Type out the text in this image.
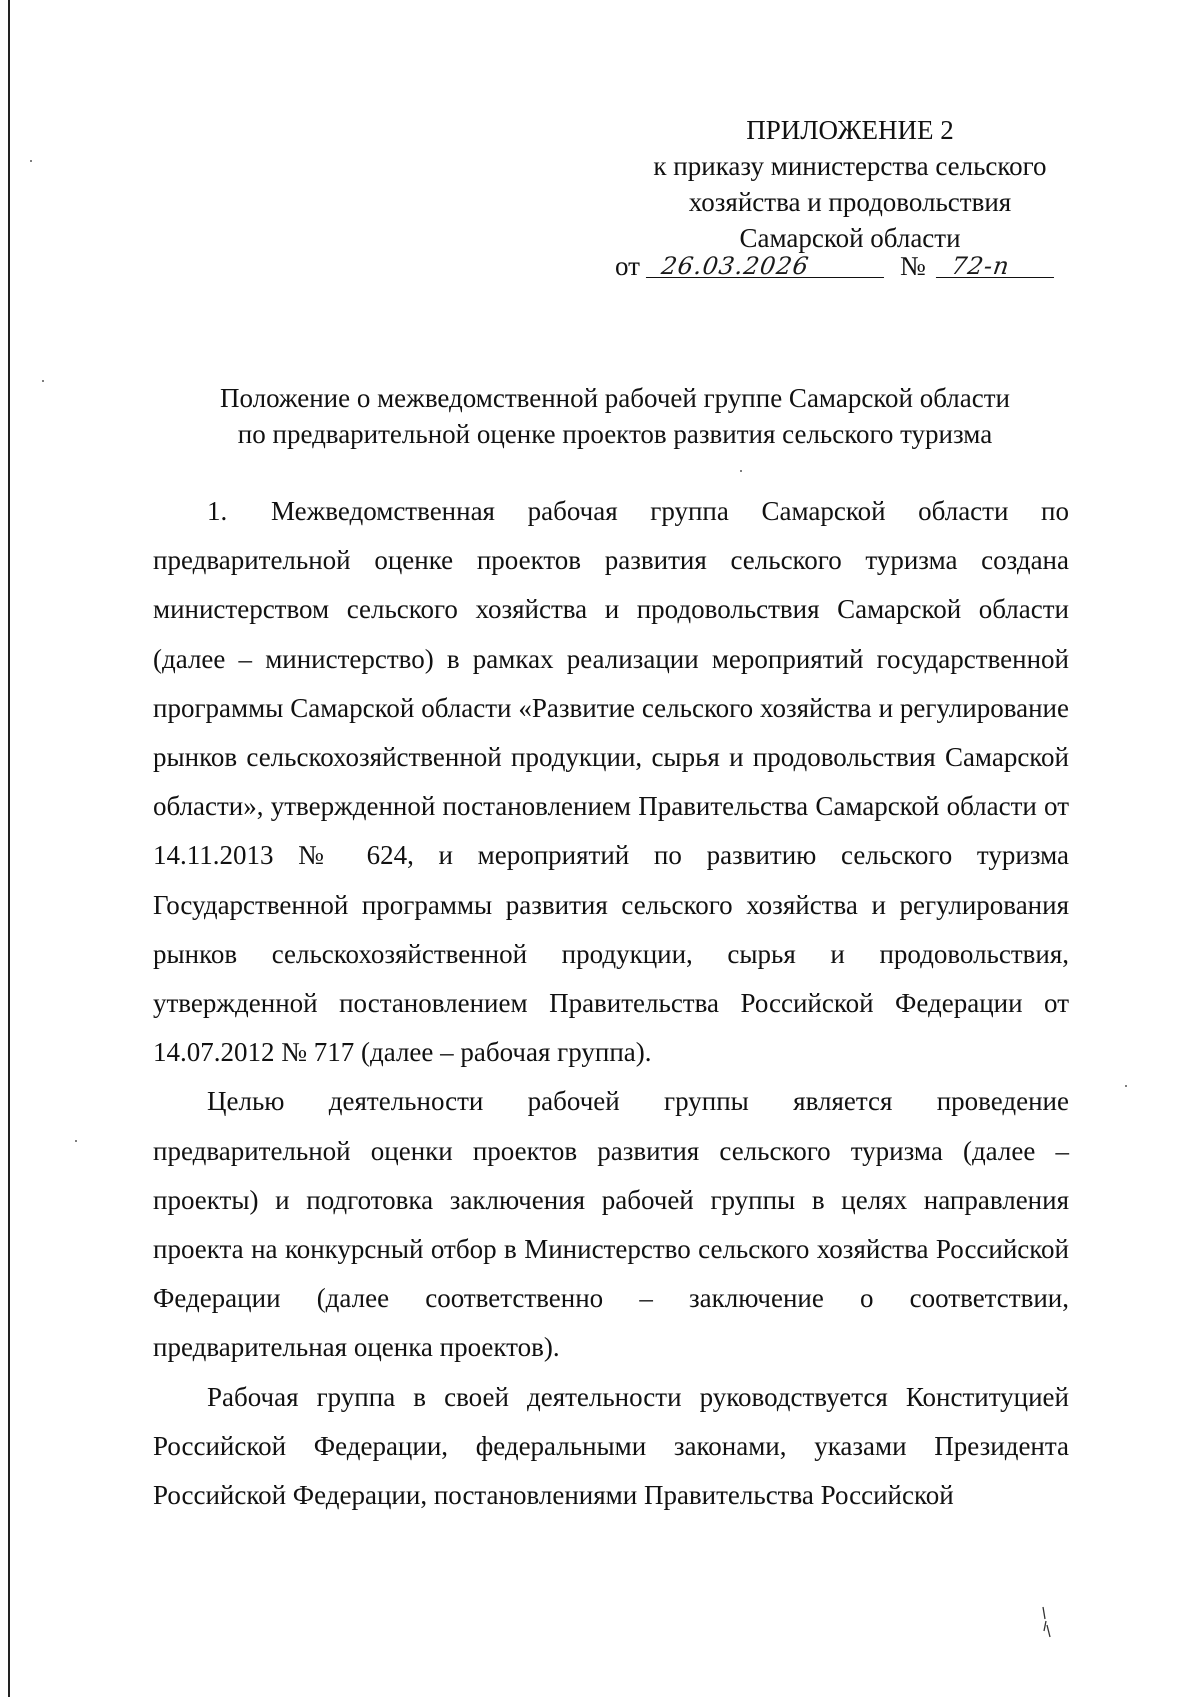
ПРИЛОЖЕНИЕ 2
к приказу министерства сельского
хозяйства и продовольствия
Самарской области
от 26.03.2026	№ 72-п
Положение о межведомственной рабочей группе Самарской области
по предварительной оценке проектов развития сельского туризма

1. Межведомственная рабочая группа Самарской области по предварительной оценке проектов развития сельского туризма создана министерством сельского хозяйства и продовольствия Самарской области (далее – министерство) в рамках реализации мероприятий государственной программы Самарской области «Развитие сельского хозяйства и регулирование рынков сельскохозяйственной продукции, сырья и продовольствия Самарской области», утвержденной постановлением Правительства Самарской области от 14.11.2013 № 624, и мероприятий по развитию сельского туризма Государственной программы развития сельского хозяйства и регулирования рынков сельскохозяйственной продукции, сырья и продовольствия, утвержденной постановлением Правительства Российской Федерации от 14.07.2012 № 717 (далее – рабочая группа).

Целью деятельности рабочей группы является проведение предварительной оценки проектов развития сельского туризма (далее – проекты) и подготовка заключения рабочей группы в целях направления проекта на конкурсный отбор в Министерство сельского хозяйства Российской Федерации (далее соответственно – заключение о соответствии, предварительная оценка проектов).

Рабочая группа в своей деятельности руководствуется Конституцией Российской Федерации, федеральными законами, указами Президента Российской Федерации, постановлениями Правительства Российской
